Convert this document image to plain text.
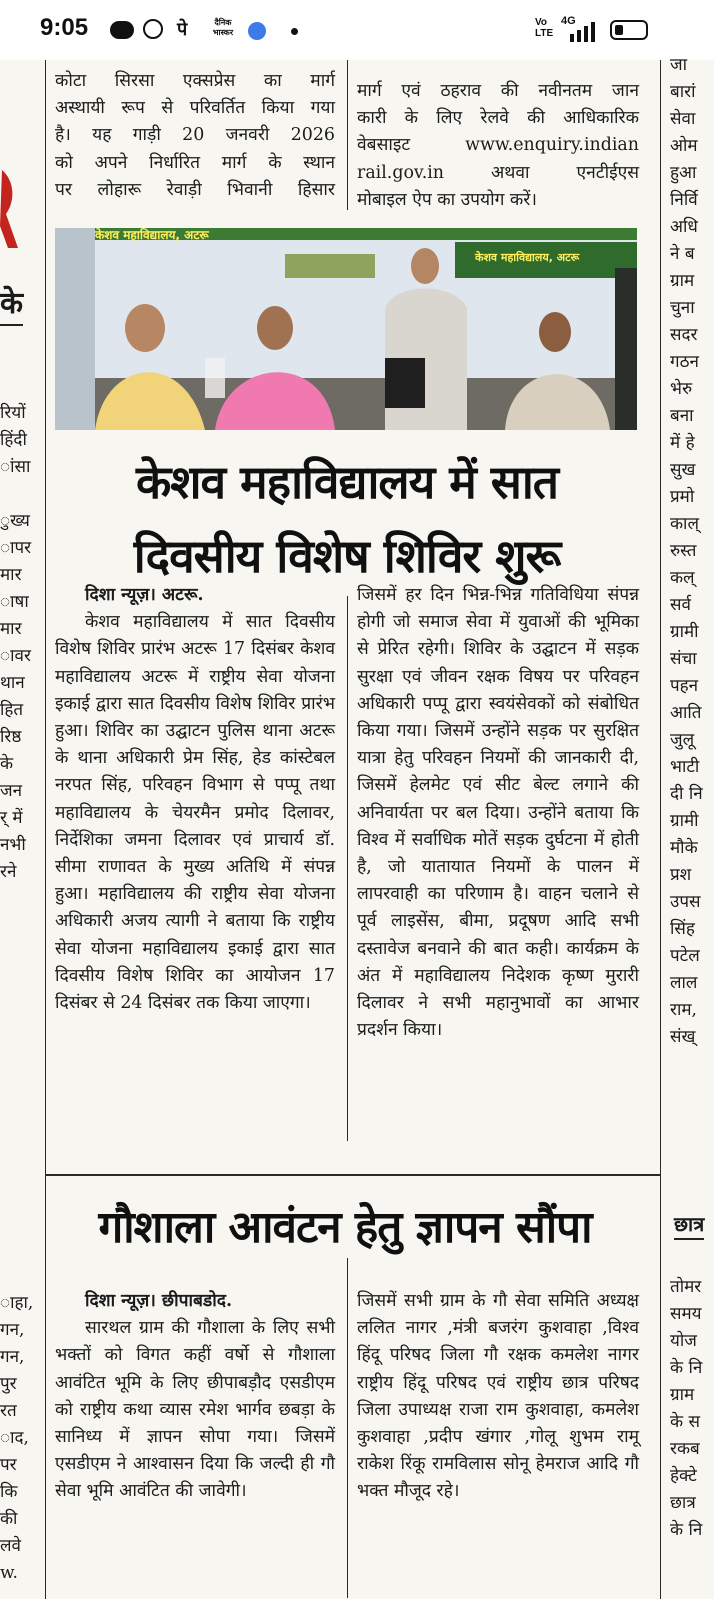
9:05	पे	दैनिक भास्कर
Vo
LTE
4G
के
रियों
हिंदी
ांसा

ुख्य
ापर
मार
ाषा
मार
ावर
थान
हित
रिष्ठ
के
जन
र् में
नभी
रने
ाहा,
गन,
गन,
पुर
रत
ाद,
पर
कि
की
लवे
w.
जा
बारां
सेवा
ओम
हुआ
निर्वि
अधि
ने ब
ग्राम
चुना
सदर
गठन
भेरु
बना
में हे
सुख
प्रमो
काल्
रुस्त
कल्
सर्व
ग्रामी
संचा
पहन
आति
जुलू
भाटी
दी नि
ग्रामी
मौके
प्रश
उपस
सिंह
पटेल
लाल
राम,
संख्
छात्र
तोमर
समय
योज
के नि
ग्राम
के स
रकब
हेक्टे
छात्र
के नि

कोटा सिरसा एक्सप्रेस का मार्ग

अस्थायी रूप से परिवर्तित किया गया

है। यह गाड़ी 20 जनवरी 2026

को अपने निर्धारित मार्ग के स्थान

पर लोहारू रेवाड़ी भिवानी हिसार

मार्ग एवं ठहराव की नवीनतम जान

कारी के लिए रेलवे की आधिकारिक

वेबसाइट www.enquiry.indian

rail.gov.in अथवा एनटीईएस

मोबाइल ऐप का उपयोग करें।

केशव महाविद्यालय, अटरू
केशव महाविद्यालय, अटरू
केशव महाविद्यालय में सात
दिवसीय विशेष शिविर शुरू

दिशा न्यूज़। अटरू.

केशव महाविद्यालय में सात दिवसीय विशेष शिविर प्रारंभ अटरू 17 दिसंबर केशव महाविद्यालय अटरू में राष्ट्रीय सेवा योजना इकाई द्वारा सात दिवसीय विशेष शिविर प्रारंभ हुआ। शिविर का उद्घाटन पुलिस थाना अटरू के थाना अधिकारी प्रेम सिंह, हेड कांस्टेबल नरपत सिंह, परिवहन विभाग से पप्पू तथा महाविद्यालय के चेयरमैन प्रमोद दिलावर, निर्देशिका जमना दिलावर एवं प्राचार्य डॉ. सीमा राणावत के मुख्य अतिथि में संपन्न हुआ। महाविद्यालय की राष्ट्रीय सेवा योजना अधिकारी अजय त्यागी ने बताया कि राष्ट्रीय सेवा योजना महाविद्यालय इकाई द्वारा सात दिवसीय विशेष शिविर का आयोजन 17 दिसंबर से 24 दिसंबर तक किया जाएगा।

जिसमें हर दिन भिन्न-भिन्न गतिविधिया संपन्न होगी जो समाज सेवा में युवाओं की भूमिका से प्रेरित रहेगी। शिविर के उद्घाटन में सड़क सुरक्षा एवं जीवन रक्षक विषय पर परिवहन अधिकारी पप्पू द्वारा स्वयंसेवकों को संबोधित किया गया। जिसमें उन्होंने सड़क पर सुरक्षित यात्रा हेतु परिवहन नियमों की जानकारी दी, जिसमें हेलमेट एवं सीट बेल्ट लगाने की अनिवार्यता पर बल दिया। उन्होंने बताया कि विश्व में सर्वाधिक मोतें सड़क दुर्घटना में होती है, जो यातायात नियमों के पालन में लापरवाही का परिणाम है। वाहन चलाने से पूर्व लाइसेंस, बीमा, प्रदूषण आदि सभी दस्तावेज बनवाने की बात कही। कार्यक्रम के अंत में महाविद्यालय निदेशक कृष्ण मुरारी दिलावर ने सभी महानुभावों का आभार प्रदर्शन किया।

गौशाला आवंटन हेतु ज्ञापन सौंपा

दिशा न्यूज़। छीपाबडोद.

सारथल ग्राम की गौशाला के लिए सभी भक्तों को विगत कहीं वर्षो से गौशाला आवंटित भूमि के लिए छीपाबड़ौद एसडीएम को राष्ट्रीय कथा व्यास रमेश भार्गव छबड़ा के सानिध्य में ज्ञापन सोपा गया। जिसमें एसडीएम ने आश्वासन दिया कि जल्दी ही गौ सेवा भूमि आवंटित की जावेगी।

जिसमें सभी ग्राम के गौ सेवा समिति अध्यक्ष ललित नागर ,मंत्री बजरंग कुशवाहा ,विश्व हिंदू परिषद जिला गौ रक्षक कमलेश नागर राष्ट्रीय हिंदू परिषद एवं राष्ट्रीय छात्र परिषद जिला उपाध्यक्ष राजा राम कुशवाहा, कमलेश कुशवाहा ,प्रदीप खंगार ,गोलू शुभम रामू राकेश रिंकू रामविलास सोनू हेमराज आदि गौ भक्त मौजूद रहे।
